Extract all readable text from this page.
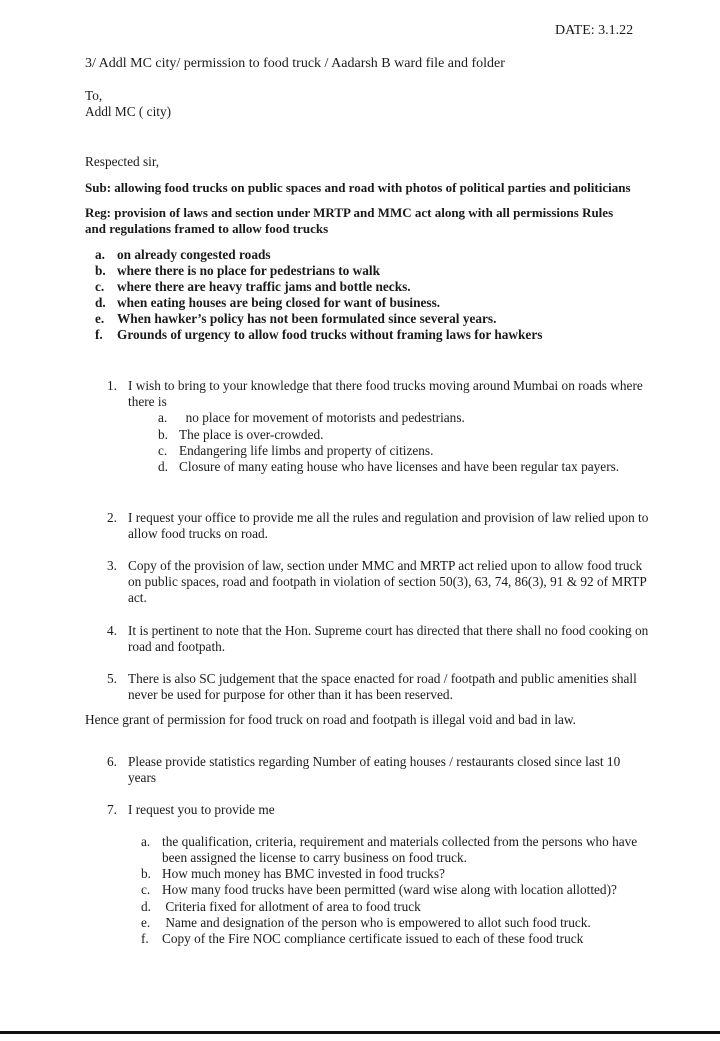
DATE: 3.1.22
3/ Addl MC city/ permission to food truck / Aadarsh B ward file and folder
To,
Addl MC ( city)
Respected sir,
Sub: allowing food trucks on public spaces and road with photos of political parties and politicians
Reg: provision of laws and section under MRTP and MMC act along with all permissions Rules
and regulations framed to allow food trucks
a. on already congested roads
b. where there is no place for pedestrians to walk
c. where there are heavy traffic jams and bottle necks.
d. when eating houses are being closed for want of business.
e. When hawker’s policy has not been formulated since several years.
f. Grounds of urgency to allow food trucks without framing laws for hawkers
1. I wish to bring to your knowledge that there food trucks moving around Mumbai on roads where
there is
a. no place for movement of motorists and pedestrians.
b. The place is over-crowded.
c. Endangering life limbs and property of citizens.
d. Closure of many eating house who have licenses and have been regular tax payers.
2. I request your office to provide me all the rules and regulation and provision of law relied upon to
allow food trucks on road.
3. Copy of the provision of law, section under MMC and MRTP act relied upon to allow food truck
on public spaces, road and footpath in violation of section 50(3), 63, 74, 86(3), 91 & 92 of MRTP
act.
4. It is pertinent to note that the Hon. Supreme court has directed that there shall no food cooking on
road and footpath.
5. There is also SC judgement that the space enacted for road / footpath and public amenities shall
never be used for purpose for other than it has been reserved.
Hence grant of permission for food truck on road and footpath is illegal void and bad in law.
6. Please provide statistics regarding Number of eating houses / restaurants closed since last 10
years
7. I request you to provide me
a. the qualification, criteria, requirement and materials collected from the persons who have
been assigned the license to carry business on food truck.
b. How much money has BMC invested in food trucks?
c. How many food trucks have been permitted (ward wise along with location allotted)?
d. Criteria fixed for allotment of area to food truck
e. Name and designation of the person who is empowered to allot such food truck.
f. Copy of the Fire NOC compliance certificate issued to each of these food truck
